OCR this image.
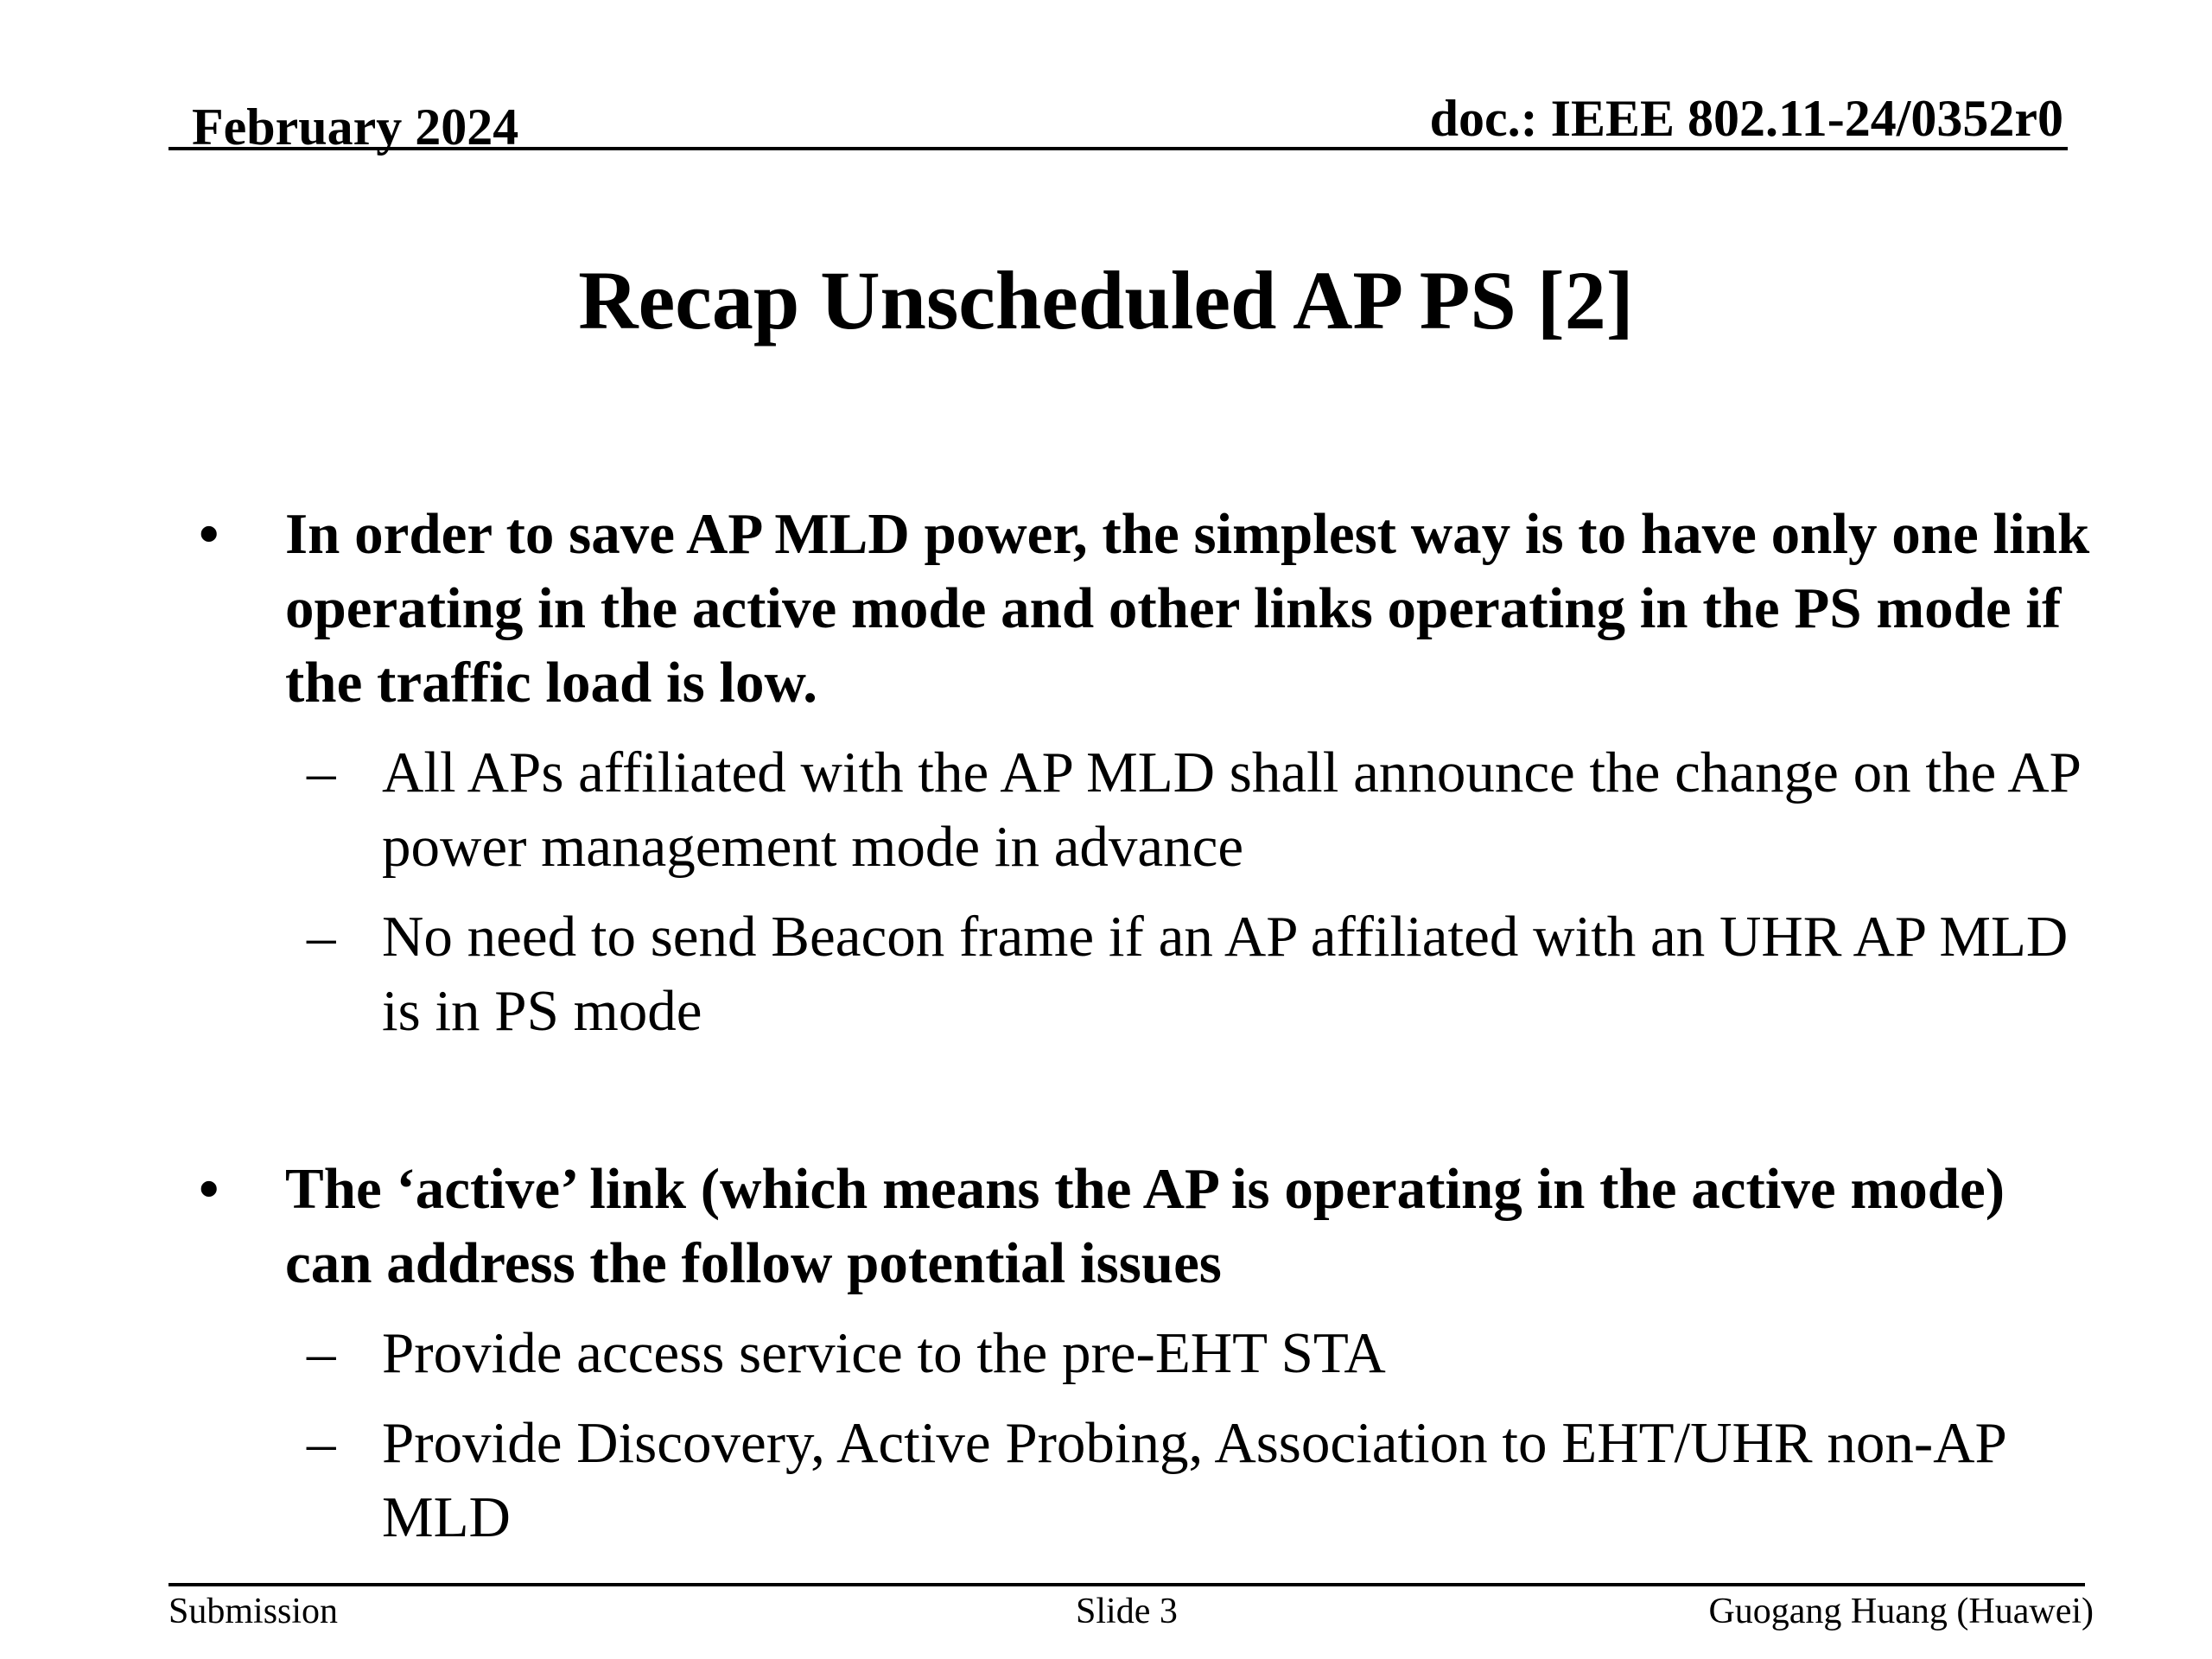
February 2024	doc.: IEEE 802.11-24/0352r0
Recap Unscheduled AP PS [2]
• In order to save AP MLD power, the simplest way is to have only one link operating in the active mode and other links operating in the PS mode if the traffic load is low.
– All APs affiliated with the AP MLD shall announce the change on the AP power management mode in advance
– No need to send Beacon frame if an AP affiliated with an UHR AP MLD is in PS mode
• The ‘active’ link (which means the AP is operating in the active mode) can address the follow potential issues
– Provide access service to the pre-EHT STA
– Provide Discovery, Active Probing, Association to EHT/UHR non-AP MLD
Submission	Slide 3	Guogang Huang (Huawei)
